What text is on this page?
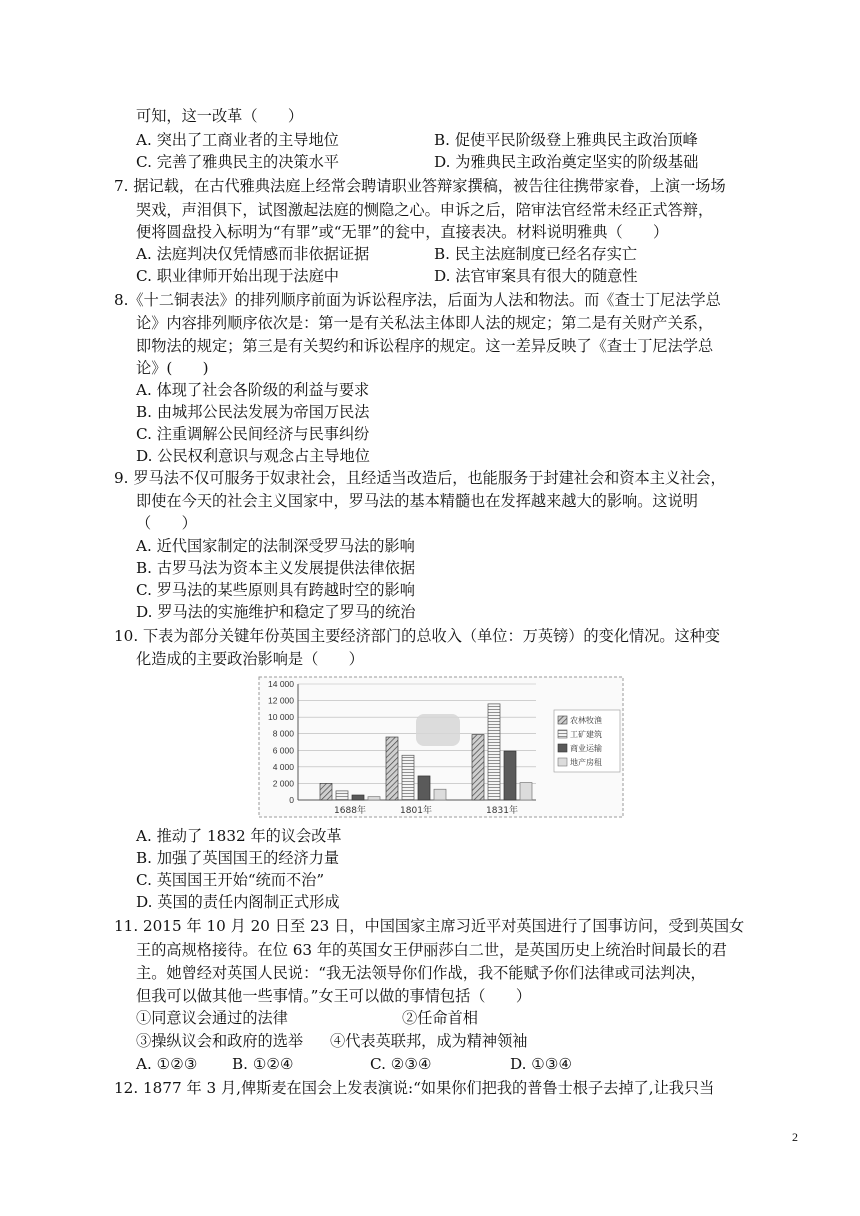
可知，这一改革（　　）
A. 突出了工商业者的主导地位	B. 促使平民阶级登上雅典民主政治顶峰
C. 完善了雅典民主的决策水平	D. 为雅典民主政治奠定坚实的阶级基础
7. 据记载，在古代雅典法庭上经常会聘请职业答辩家撰稿，被告往往携带家眷，上演一场场
哭戏，声泪俱下，试图激起法庭的恻隐之心。申诉之后，陪审法官经常未经正式答辩，
便将圆盘投入标明为“有罪”或“无罪”的瓮中，直接表决。材料说明雅典（　　）
A. 法庭判决仅凭情感而非依据证据	B. 民主法庭制度已经名存实亡
C. 职业律师开始出现于法庭中	D. 法官审案具有很大的随意性
8.《十二铜表法》的排列顺序前面为诉讼程序法，后面为人法和物法。而《查士丁尼法学总
论》内容排列顺序依次是：第一是有关私法主体即人法的规定；第二是有关财产关系，
即物法的规定；第三是有关契约和诉讼程序的规定。这一差异反映了《查士丁尼法学总
论》(　　)
A. 体现了社会各阶级的利益与要求
B. 由城邦公民法发展为帝国万民法
C. 注重调解公民间经济与民事纠纷
D. 公民权利意识与观念占主导地位
9. 罗马法不仅可服务于奴隶社会，且经适当改造后，也能服务于封建社会和资本主义社会，
即使在今天的社会主义国家中，罗马法的基本精髓也在发挥越来越大的影响。这说明
（　　）
A. 近代国家制定的法制深受罗马法的影响
B. 古罗马法为资本主义发展提供法律依据
C. 罗马法的某些原则具有跨越时空的影响
D. 罗马法的实施维护和稳定了罗马的统治
10. 下表为部分关键年份英国主要经济部门的总收入（单位：万英镑）的变化情况。这种变
化造成的主要政治影响是（　　）
0
2 000
4 000
6 000
8 000
10 000
12 000
14 000
1688年	1801年	1831年
农林牧渔
工矿建筑
商业运输
地产房租
A. 推动了 1832 年的议会改革
B. 加强了英国国王的经济力量
C. 英国国王开始“统而不治”
D. 英国的责任内阁制正式形成
11. 2015 年 10 月 20 日至 23 日，中国国家主席习近平对英国进行了国事访问，受到英国女
王的高规格接待。在位 63 年的英国女王伊丽莎白二世，是英国历史上统治时间最长的君
主。她曾经对英国人民说：“我无法领导你们作战，我不能赋予你们法律或司法判决，
但我可以做其他一些事情。”女王可以做的事情包括（　　）
①同意议会通过的法律	②任命首相
③操纵议会和政府的选举 ④代表英联邦，成为精神领袖
A. ①②③ B. ①②④	C. ②③④	D. ①③④
12. 1877 年 3 月,俾斯麦在国会上发表演说:“如果你们把我的普鲁士根子去掉了,让我只当
2
